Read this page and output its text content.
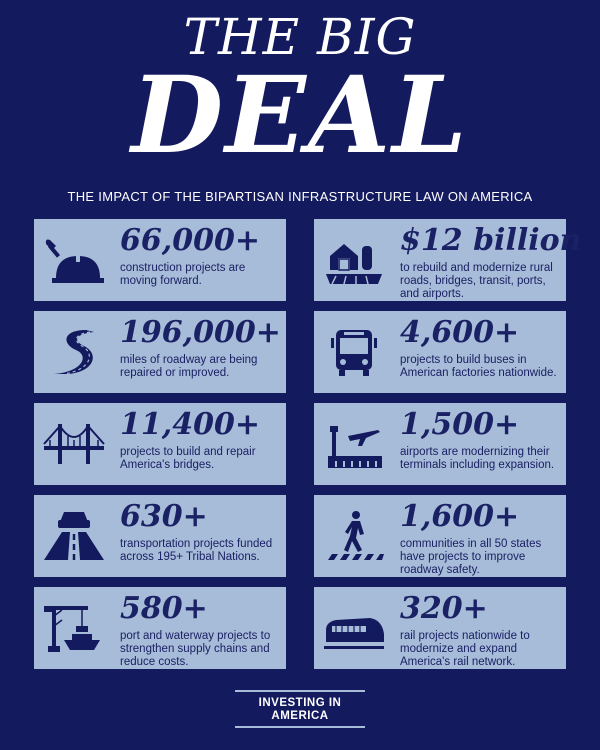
THE BIG
DEAL
THE IMPACT OF THE BIPARTISAN INFRASTRUCTURE LAW ON AMERICA
66,000+
construction projects are moving forward.
$12 billion
to rebuild and modernize rural roads, bridges, transit, ports, and airports.
196,000+
miles of roadway are being repaired or improved.
4,600+
projects to build buses in American factories nationwide.
11,400+
projects to build and repair America's bridges.
1,500+
airports are modernizing their terminals including expansion.
630+
transportation projects funded across 195+ Tribal Nations.
1,600+
communities in all 50 states have projects to improve roadway safety.
580+
port and waterway projects to strengthen supply chains and reduce costs.
320+
rail projects nationwide to modernize and expand America's rail network.
INVESTING IN AMERICA
